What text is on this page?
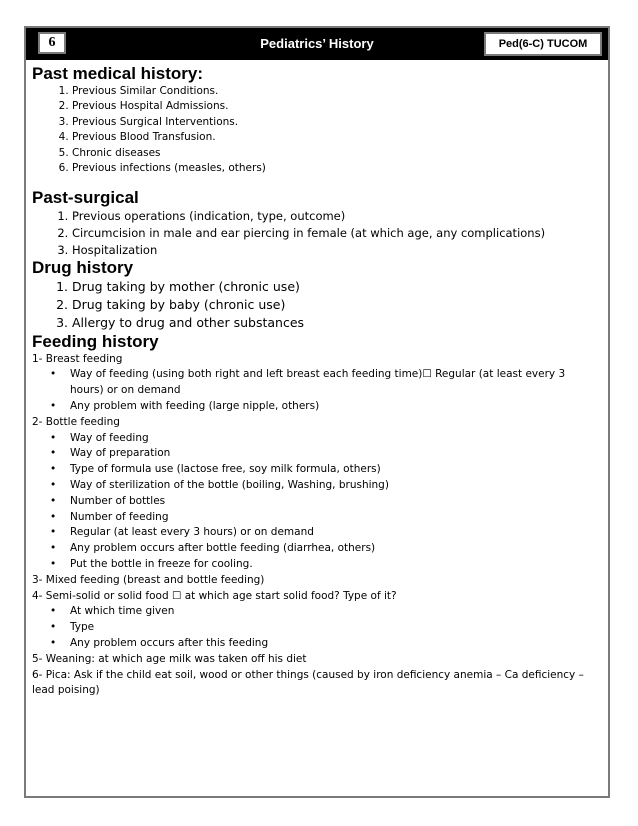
6	Pediatrics’ History	Ped(6-C) TUCOM
Past medical history:
1. Previous Similar Conditions.
2. Previous Hospital Admissions.
3. Previous Surgical Interventions.
4. Previous Blood Transfusion.
5. Chronic diseases
6. Previous infections (measles, others)
Past-surgical
1. Previous operations (indication, type, outcome)
2. Circumcision in male and ear piercing in female (at which age, any complications)
3. Hospitalization
Drug history
1. Drug taking by mother (chronic use)
2. Drug taking by baby (chronic use)
3. Allergy to drug and other substances
Feeding history

1- Breast feeding

• Way of feeding (using both right and left breast each feeding time)☐ Regular (at least every 3 hours) or on demand
• Any problem with feeding (large nipple, others)

2- Bottle feeding

• Way of feeding
• Way of preparation
• Type of formula use (lactose free, soy milk formula, others)
• Way of sterilization of the bottle (boiling, Washing, brushing)
• Number of bottles
• Number of feeding
• Regular (at least every 3 hours) or on demand
• Any problem occurs after bottle feeding (diarrhea, others)
• Put the bottle in freeze for cooling.

3- Mixed feeding (breast and bottle feeding)

4- Semi-solid or solid food ☐ at which age start solid food? Type of it?

• At which time given
• Type
• Any problem occurs after this feeding

5- Weaning: at which age milk was taken off his diet

6- Pica: Ask if the child eat soil, wood or other things (caused by iron deficiency anemia – Ca deficiency – lead poising)
